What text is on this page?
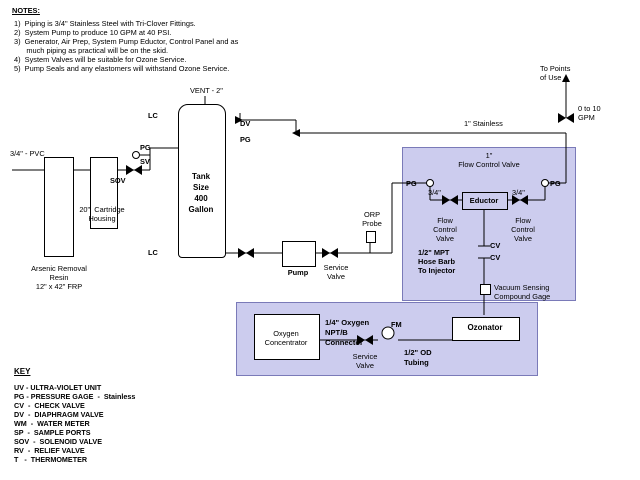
NOTES:
1)  Piping is 3/4" Stainless Steel with Tri-Clover Fittings.
2)  System Pump to produce 10 GPM at 40 PSI.
3)  Generator, Air Prep, System Pump Eductor, Control Panel and as
much piping as practical will be on the skid.
4)  System Valves will be suitable for Ozone Service.
5)  Pump Seals and any elastomers will withstand Ozone Service.
KEY
UV - ULTRA-VIOLET UNIT
PG - PRESSURE GAGE  -  Stainless
CV  -  CHECK VALVE
DV  -  DIAPHRAGM VALVE
WM  -  WATER METER
SP  -  SAMPLE PORTS
SOV  -  SOLENOID VALVE
RV  -  RELIEF VALVE
T   -  THERMOMETER
Arsenic Removal
Resin
12" x 42" FRP
20"  Cartridge
Housing
Tank
Size
400
Gallon
Pump
Eductor
Oxygen
Concentrator
Ozonator
ORP
Probe
3/4" - PVC
VENT - 2"
PG
SV
SOV
LC
LC
DV
PG
Service
Valve
1" Stainless
To Points
of Use
0 to 10
GPM
1"
Flow Control Valve
PG	PG
3/4"	3/4"
Flow
Control
Valve
Flow
Control
Valve
CV
CV
1/2" MPT
Hose Barb
To Injector
Vacuum Sensing
Compound Gage
1/4" Oxygen
NPT/B
Connector
FM
1/2" OD
Tubing
Service
Valve
